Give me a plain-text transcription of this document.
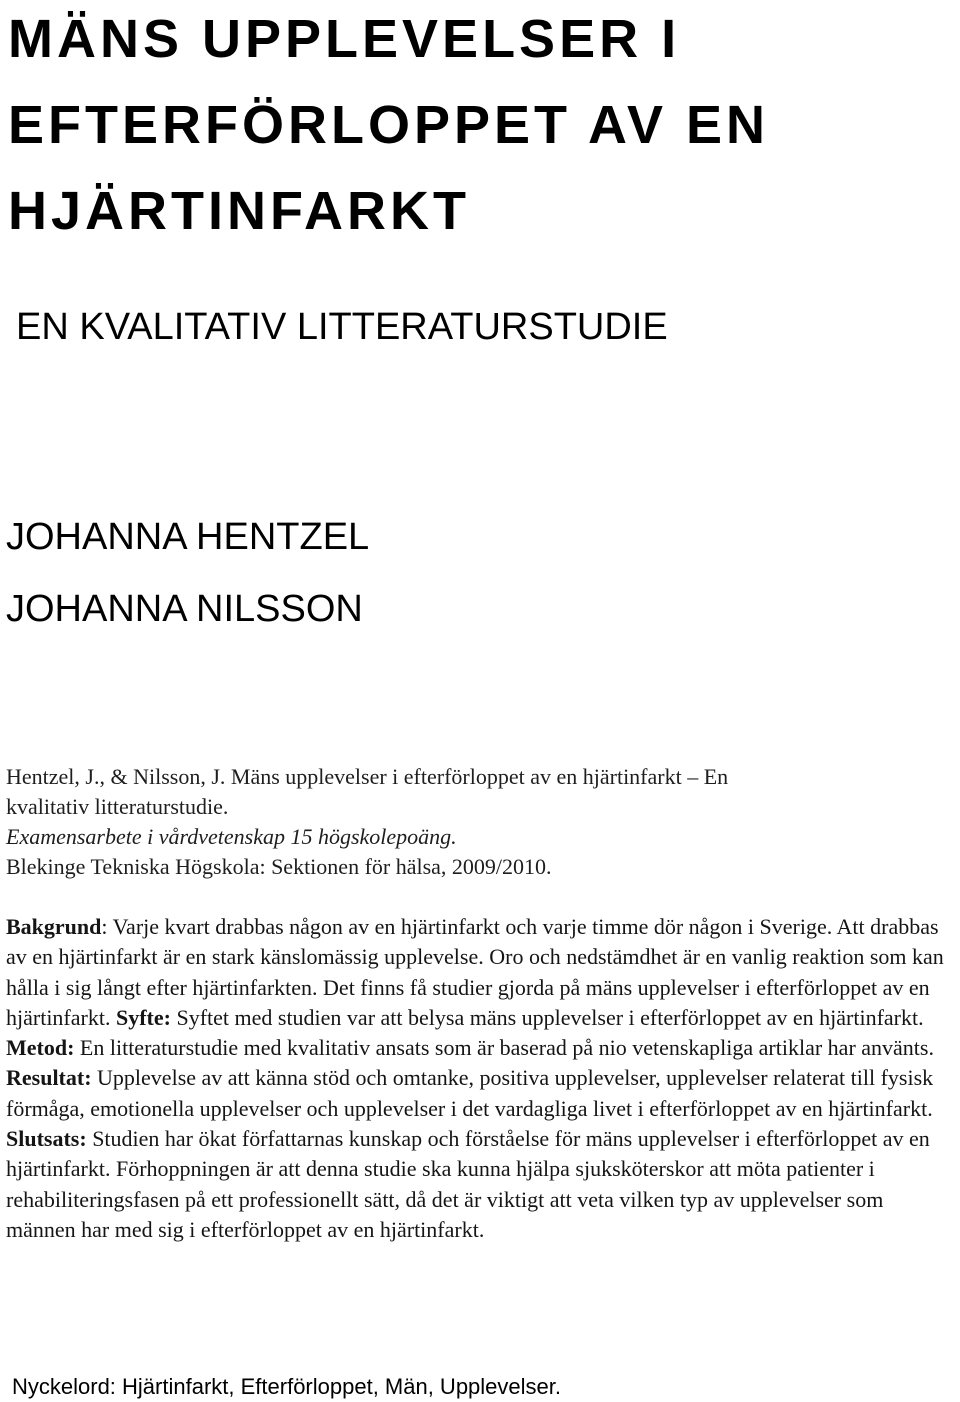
MÄNS UPPLEVELSER I
EFTERFÖRLOPPET AV EN
HJÄRTINFARKT
EN KVALITATIV LITTERATURSTUDIE
JOHANNA HENTZEL
JOHANNA NILSSON
Hentzel, J., & Nilsson, J. Mäns upplevelser i efterförloppet av en hjärtinfarkt – En
kvalitativ litteraturstudie.
Examensarbete i vårdvetenskap 15 högskolepoäng.
Blekinge Tekniska Högskola: Sektionen för hälsa, 2009/2010.
Bakgrund: Varje kvart drabbas någon av en hjärtinfarkt och varje timme dör någon i Sverige. Att drabbas av en hjärtinfarkt är en stark känslomässig upplevelse. Oro och nedstämdhet är en vanlig reaktion som kan hålla i sig långt efter hjärtinfarkten. Det finns få studier gjorda på mäns upplevelser i efterförloppet av en hjärtinfarkt. Syfte: Syftet med studien var att belysa mäns upplevelser i efterförloppet av en hjärtinfarkt. Metod: En litteraturstudie med kvalitativ ansats som är baserad på nio vetenskapliga artiklar har använts. Resultat: Upplevelse av att känna stöd och omtanke, positiva upplevelser, upplevelser relaterat till fysisk förmåga, emotionella upplevelser och upplevelser i det vardagliga livet i efterförloppet av en hjärtinfarkt. Slutsats: Studien har ökat författarnas kunskap och förståelse för mäns upplevelser i efterförloppet av en hjärtinfarkt. Förhoppningen är att denna studie ska kunna hjälpa sjuksköterskor att möta patienter i rehabiliteringsfasen på ett professionellt sätt, då det är viktigt att veta vilken typ av upplevelser som männen har med sig i efterförloppet av en hjärtinfarkt.
Nyckelord: Hjärtinfarkt, Efterförloppet, Män, Upplevelser.
